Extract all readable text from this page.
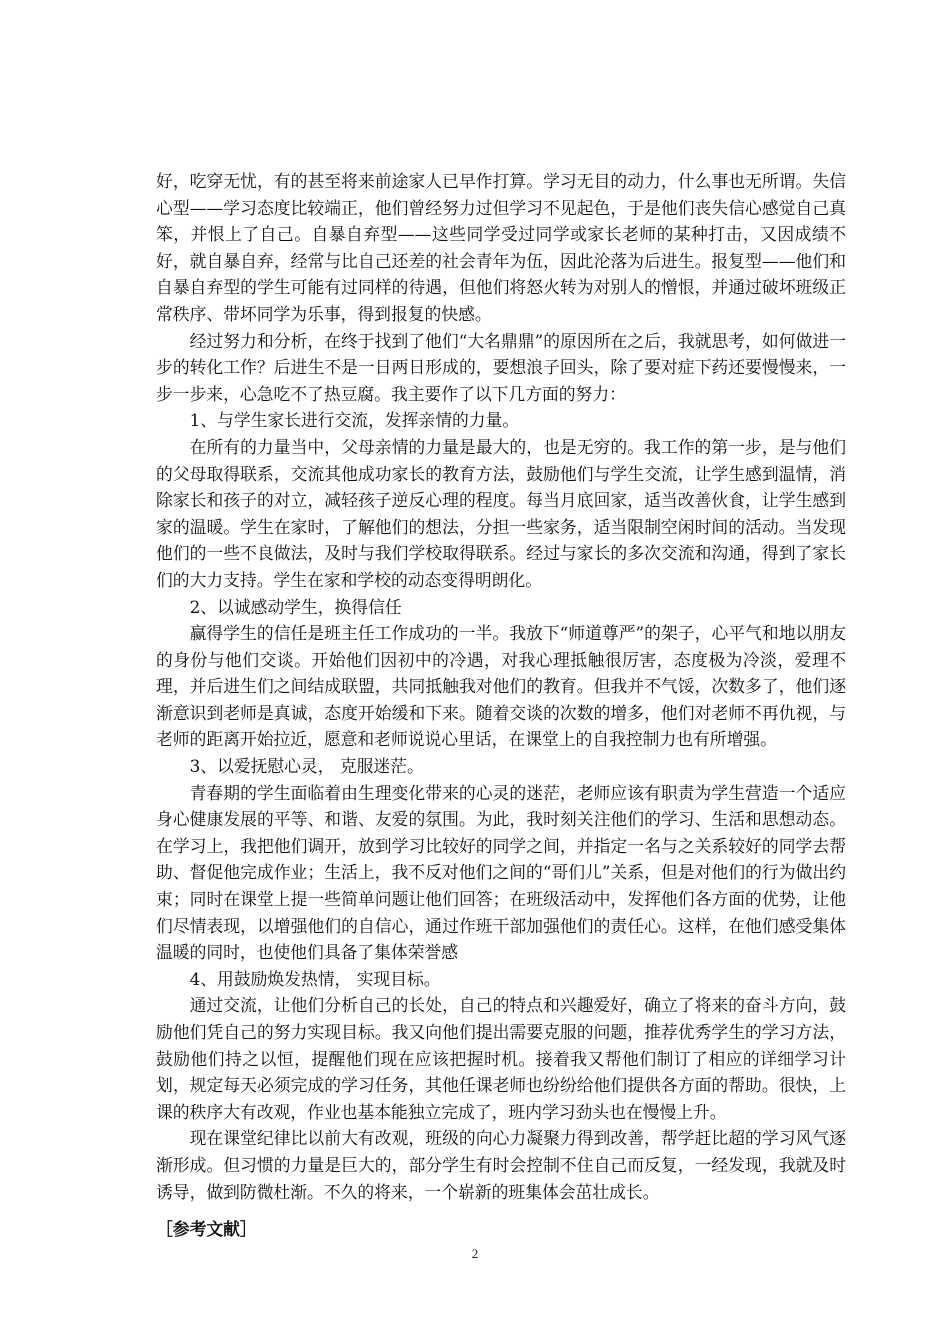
好，吃穿无忧，有的甚至将来前途家人已早作打算。学习无目的动力，什么事也无所谓。失信心型——学习态度比较端正，他们曾经努力过但学习不见起色，于是他们丧失信心感觉自己真笨，并恨上了自己。自暴自弃型——这些同学受过同学或家长老师的某种打击，又因成绩不好，就自暴自弃，经常与比自己还差的社会青年为伍，因此沦落为后进生。报复型——他们和自暴自弃型的学生可能有过同样的待遇，但他们将怒火转为对别人的憎恨，并通过破坏班级正常秩序、带坏同学为乐事，得到报复的快感。

经过努力和分析，在终于找到了他们“大名鼎鼎”的原因所在之后，我就思考，如何做进一步的转化工作？后进生不是一日两日形成的，要想浪子回头，除了要对症下药还要慢慢来，一步一步来，心急吃不了热豆腐。我主要作了以下几方面的努力：

1、与学生家长进行交流，发挥亲情的力量。

在所有的力量当中，父母亲情的力量是最大的，也是无穷的。我工作的第一步，是与他们的父母取得联系，交流其他成功家长的教育方法，鼓励他们与学生交流，让学生感到温情，消除家长和孩子的对立，减轻孩子逆反心理的程度。每当月底回家，适当改善伙食，让学生感到家的温暖。学生在家时，了解他们的想法，分担一些家务，适当限制空闲时间的活动。当发现他们的一些不良做法，及时与我们学校取得联系。经过与家长的多次交流和沟通，得到了家长们的大力支持。学生在家和学校的动态变得明朗化。

2、以诚感动学生，换得信任

赢得学生的信任是班主任工作成功的一半。我放下“师道尊严”的架子，心平气和地以朋友的身份与他们交谈。开始他们因初中的冷遇，对我心理抵触很厉害，态度极为冷淡，爱理不理，并后进生们之间结成联盟，共同抵触我对他们的教育。但我并不气馁，次数多了，他们逐渐意识到老师是真诚，态度开始缓和下来。随着交谈的次数的增多，他们对老师不再仇视，与老师的距离开始拉近，愿意和老师说说心里话，在课堂上的自我控制力也有所增强。

3、以爱抚慰心灵， 克服迷茫。

青春期的学生面临着由生理变化带来的心灵的迷茫，老师应该有职责为学生营造一个适应身心健康发展的平等、和谐、友爱的氛围。为此，我时刻关注他们的学习、生活和思想动态。在学习上，我把他们调开，放到学习比较好的同学之间，并指定一名与之关系较好的同学去帮助、督促他完成作业；生活上，我不反对他们之间的“哥们儿”关系，但是对他们的行为做出约束；同时在课堂上提一些简单问题让他们回答；在班级活动中，发挥他们各方面的优势，让他们尽情表现，以增强他们的自信心，通过作班干部加强他们的责任心。这样，在他们感受集体温暖的同时，也使他们具备了集体荣誉感

4、用鼓励焕发热情， 实现目标。

通过交流，让他们分析自己的长处，自己的特点和兴趣爱好，确立了将来的奋斗方向，鼓励他们凭自己的努力实现目标。我又向他们提出需要克服的问题，推荐优秀学生的学习方法，鼓励他们持之以恒，提醒他们现在应该把握时机。接着我又帮他们制订了相应的详细学习计划，规定每天必须完成的学习任务，其他任课老师也纷纷给他们提供各方面的帮助。很快，上课的秩序大有改观，作业也基本能独立完成了，班内学习劲头也在慢慢上升。

现在课堂纪律比以前大有改观，班级的向心力凝聚力得到改善，帮学赶比超的学习风气逐渐形成。但习惯的力量是巨大的，部分学生有时会控制不住自己而反复，一经发现，我就及时诱导，做到防微杜渐。不久的将来，一个崭新的班集体会茁壮成长。

［参考文献］
2
